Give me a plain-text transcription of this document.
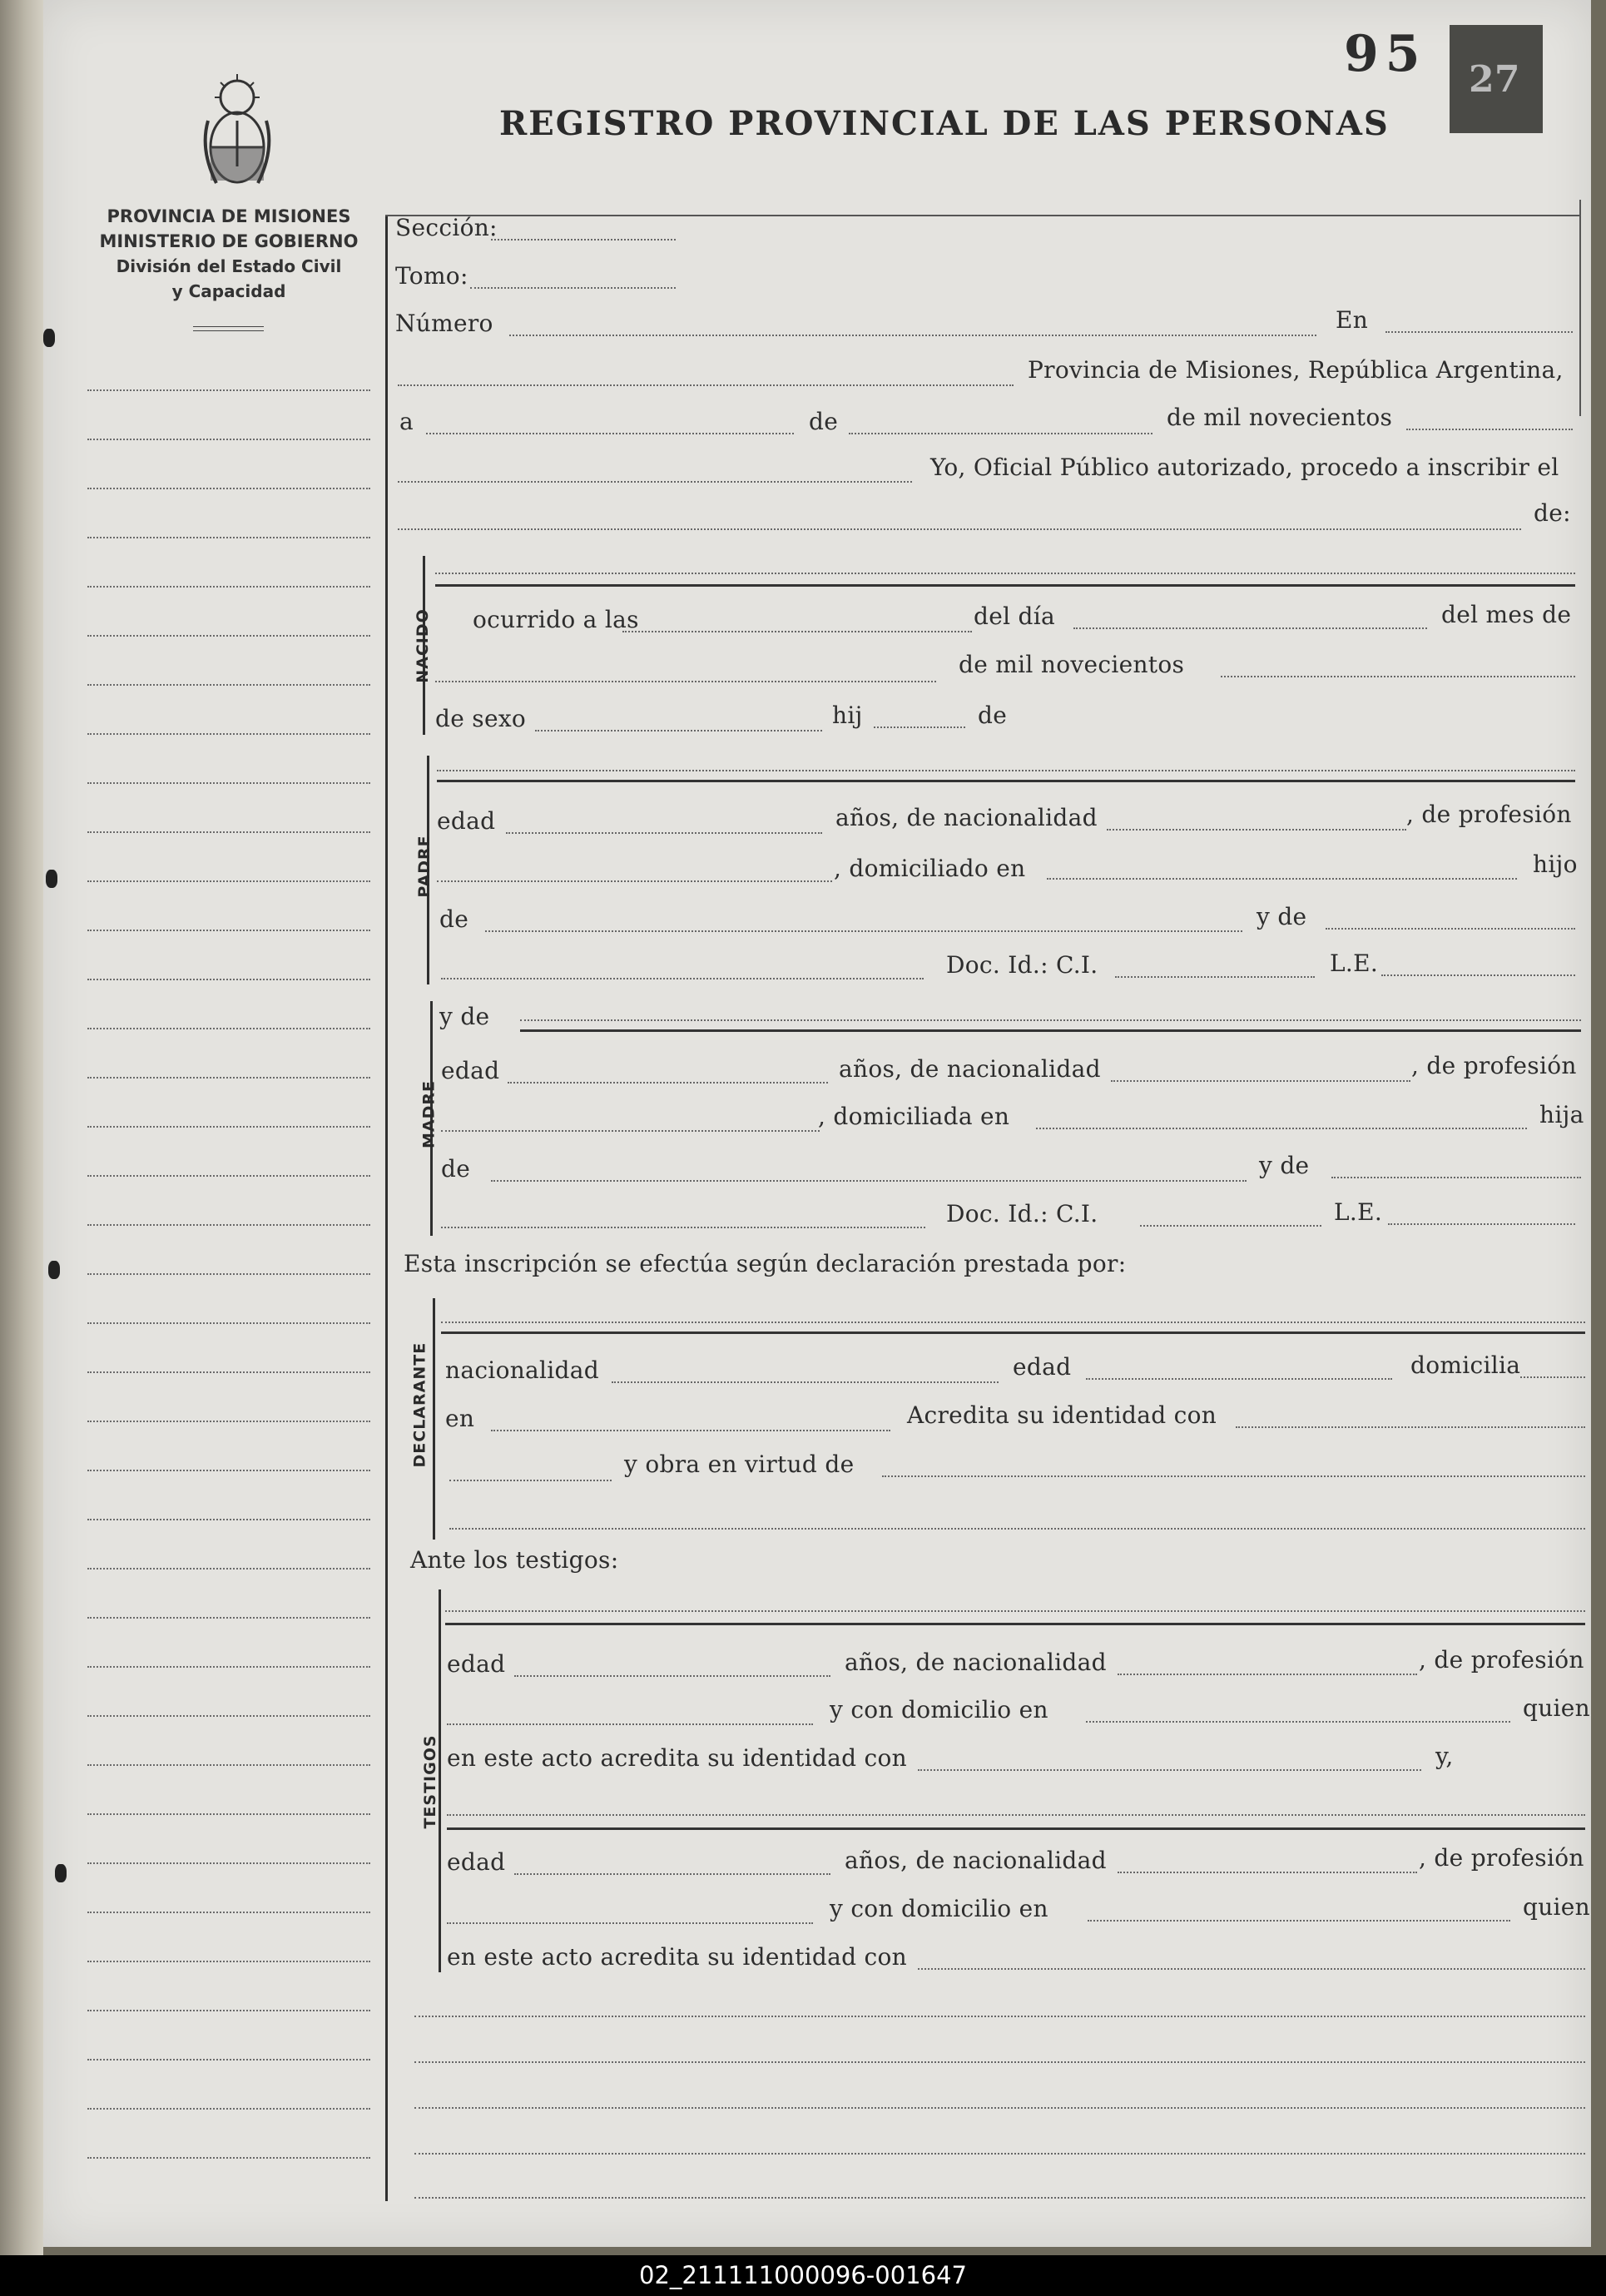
95 27
REGISTRO PROVINCIAL DE LAS PERSONAS
PROVINCIA DE MISIONES
MINISTERIO DE GOBIERNO
División del Estado Civil
y Capacidad
Sección:
Tomo:
Número	En
Provincia de Misiones, República Argentina,
a	de	de mil novecientos
Yo, Oficial Público autorizado, procedo a inscribir el
de:
NACIDO ocurrido a las	del día	del mes de
de mil novecientos
de sexo	hij	de
PADRE
edad	años, de nacionalidad	, de profesión
, domiciliado en	hijo
de	y de
Doc. Id.: C.I.	L.E.
MADRE
y de
edad	años, de nacionalidad	, de profesión
, domiciliada en	hija
de	y de
Doc. Id.: C.I.	L.E.
Esta inscripción se efectúa según declaración prestada por:
DECLARANTE nacionalidad	edad	domicilia
en	Acredita su identidad con
y obra en virtud de
Ante los testigos:
TESTIGOS
edad	años, de nacionalidad	, de profesión
y con domicilio en	quien
en este acto acredita su identidad con	y,
edad	años, de nacionalidad	, de profesión
y con domicilio en	quien
en este acto acredita su identidad con
02_211111000096-001647
